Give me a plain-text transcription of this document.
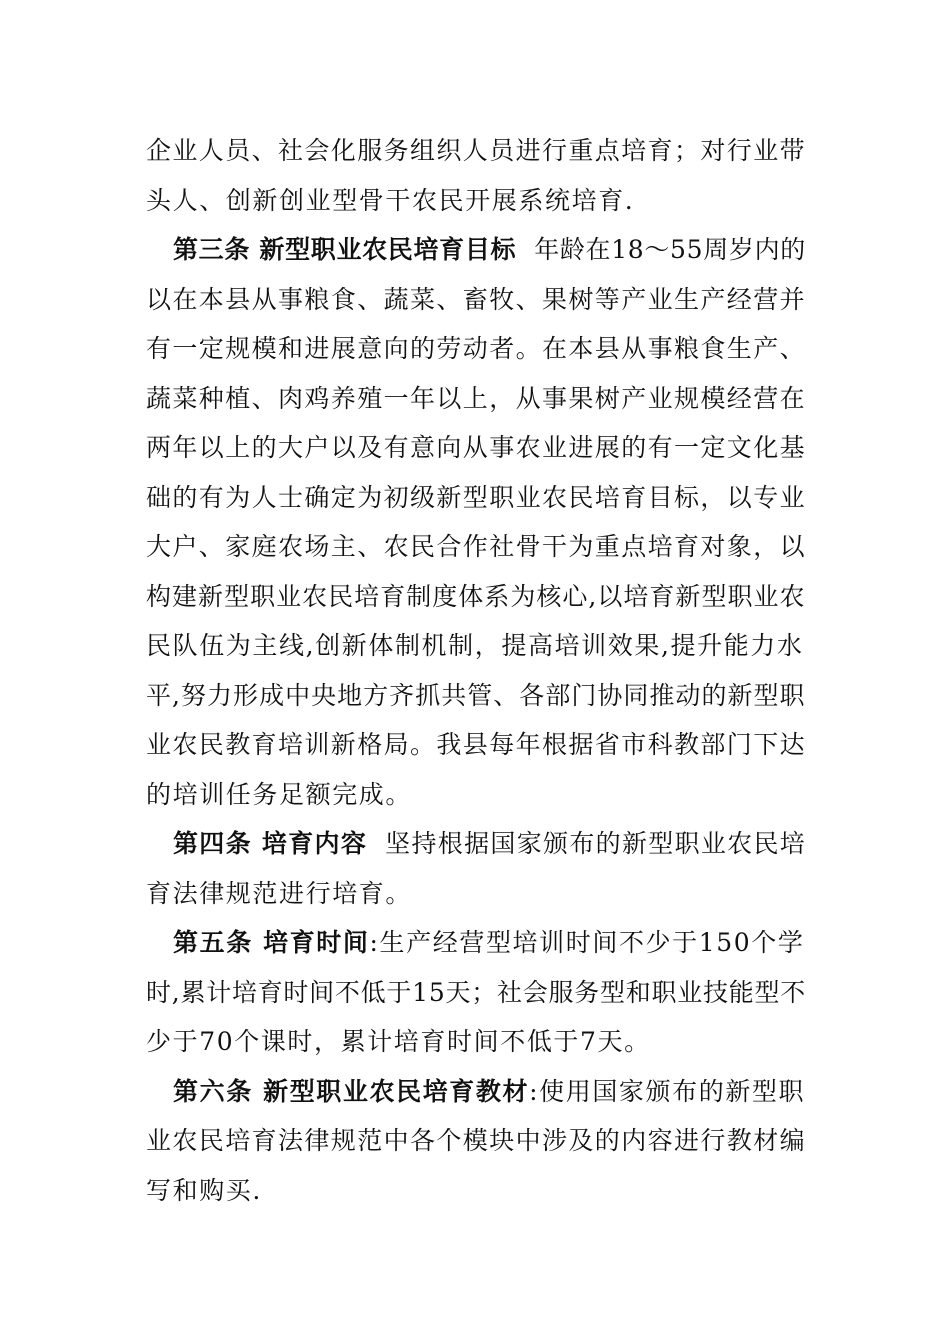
企业人员、社会化服务组织人员进行重点培育；对行业带
头人、创新创业型骨干农民开展系统培育.
第三条 新型职业农民培育目标 年龄在18～55周岁内的
以在本县从事粮食、蔬菜、畜牧、果树等产业生产经营并
有一定规模和进展意向的劳动者。在本县从事粮食生产、
蔬菜种植、肉鸡养殖一年以上，从事果树产业规模经营在
两年以上的大户以及有意向从事农业进展的有一定文化基
础的有为人士确定为初级新型职业农民培育目标，以专业
大户、家庭农场主、农民合作社骨干为重点培育对象，以
构建新型职业农民培育制度体系为核心,以培育新型职业农
民队伍为主线,创新体制机制，提高培训效果,提升能力水
平,努力形成中央地方齐抓共管、各部门协同推动的新型职
业农民教育培训新格局。我县每年根据省市科教部门下达
的培训任务足额完成。
第四条 培育内容 坚持根据国家颁布的新型职业农民培
育法律规范进行培育。
第五条 培育时间:生产经营型培训时间不少于150个学
时,累计培育时间不低于15天；社会服务型和职业技能型不
少于70个课时，累计培育时间不低于7天。
第六条 新型职业农民培育教材:使用国家颁布的新型职
业农民培育法律规范中各个模块中涉及的内容进行教材编
写和购买.
